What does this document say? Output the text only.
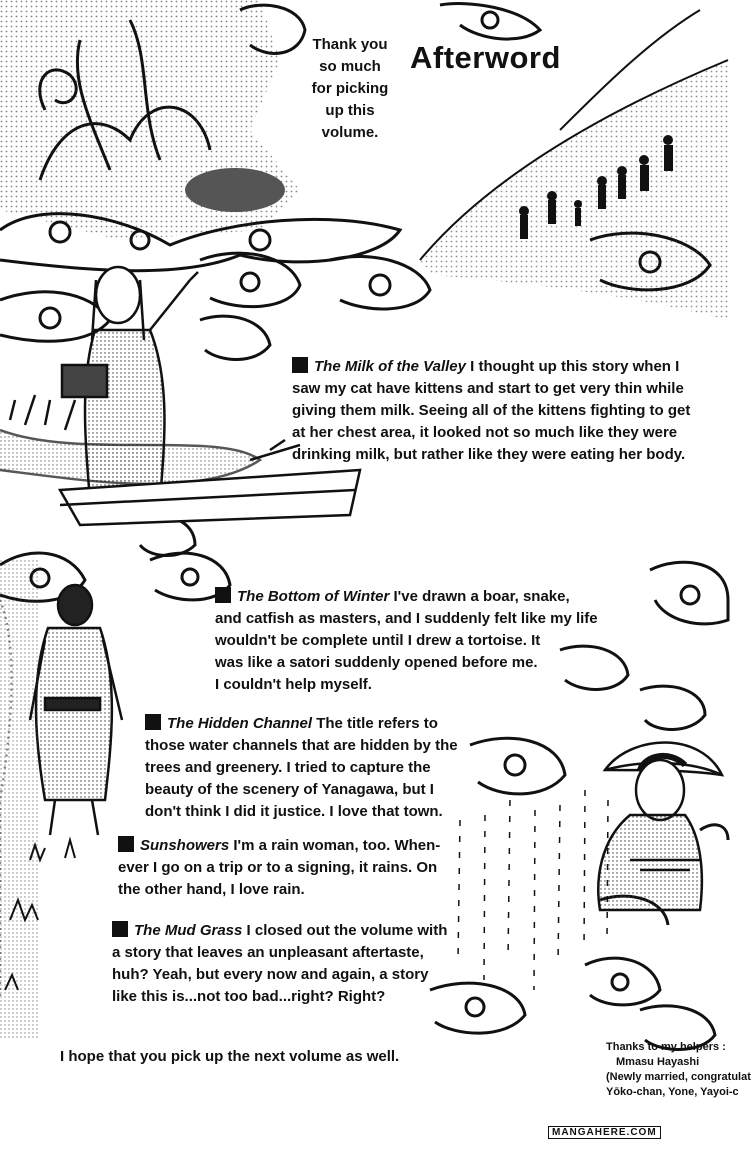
Afterword
Thank you
so much
for picking
up this
volume.
The Milk of the Valley I thought up this story when I
saw my cat have kittens and start to get very thin while
giving them milk. Seeing all of the kittens fighting to get
at her chest area, it looked not so much like they were
drinking milk, but rather like they were eating her body.
The Bottom of Winter I've drawn a boar, snake,
and catfish as masters, and I suddenly felt like my life
wouldn't be complete until I drew a tortoise. It
was like a satori suddenly opened before me.
I couldn't help myself.
The Hidden Channel The title refers to
those water channels that are hidden by the
trees and greenery. I tried to capture the
beauty of the scenery of Yanagawa, but I
don't think I did it justice. I love that town.
Sunshowers I'm a rain woman, too. When-
ever I go on a trip or to a signing, it rains. On
the other hand, I love rain.
The Mud Grass I closed out the volume with
a story that leaves an unpleasant aftertaste,
huh? Yeah, but every now and again, a story
like this is...not too bad...right? Right?
I hope that you pick up the next volume as well.
Thanks to my helpers :
Mmasu Hayashi
(Newly married, congratulat
Yōko-chan, Yone, Yayoi-c
MANGAHERE.COM
